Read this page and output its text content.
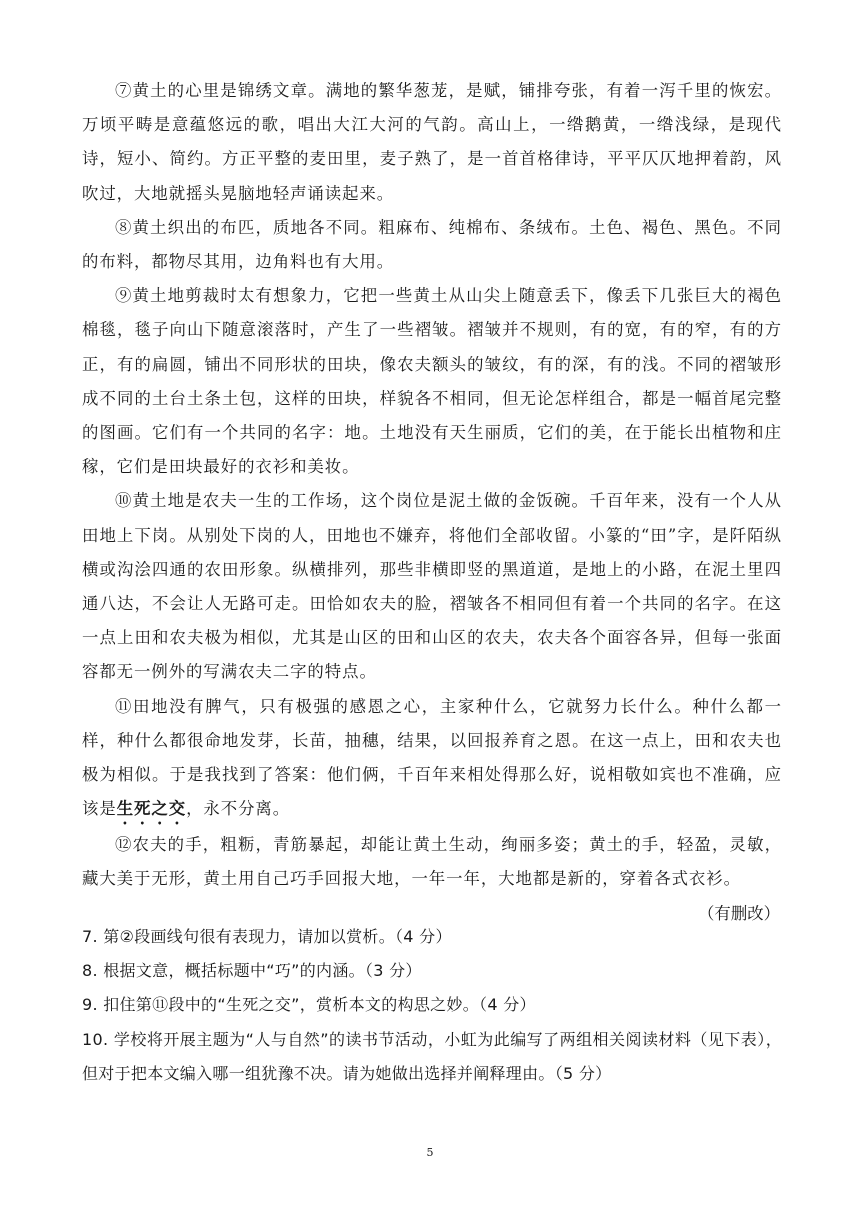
⑦黄土的心里是锦绣文章。满地的繁华葱茏，是赋，铺排夸张，有着一泻千里的恢宏。万顷平畴是意蕴悠远的歌，唱出大江大河的气韵。高山上，一绺鹅黄，一绺浅绿，是现代诗，短小、简约。方正平整的麦田里，麦子熟了，是一首首格律诗，平平仄仄地押着韵，风吹过，大地就摇头晃脑地轻声诵读起来。

⑧黄土织出的布匹，质地各不同。粗麻布、纯棉布、条绒布。土色、褐色、黑色。不同的布料，都物尽其用，边角料也有大用。

⑨黄土地剪裁时太有想象力，它把一些黄土从山尖上随意丢下，像丢下几张巨大的褐色棉毯，毯子向山下随意滚落时，产生了一些褶皱。褶皱并不规则，有的宽，有的窄，有的方正，有的扁圆，铺出不同形状的田块，像农夫额头的皱纹，有的深，有的浅。不同的褶皱形成不同的土台土条土包，这样的田块，样貌各不相同，但无论怎样组合，都是一幅首尾完整的图画。它们有一个共同的名字：地。土地没有天生丽质，它们的美，在于能长出植物和庄稼，它们是田块最好的衣衫和美妆。

⑩黄土地是农夫一生的工作场，这个岗位是泥土做的金饭碗。千百年来，没有一个人从田地上下岗。从别处下岗的人，田地也不嫌弃，将他们全部收留。小篆的“田”字，是阡陌纵横或沟浍四通的农田形象。纵横排列，那些非横即竖的黑道道，是地上的小路，在泥土里四通八达，不会让人无路可走。田恰如农夫的脸，褶皱各不相同但有着一个共同的名字。在这一点上田和农夫极为相似，尤其是山区的田和山区的农夫，农夫各个面容各异，但每一张面容都无一例外的写满农夫二字的特点。

⑪田地没有脾气，只有极强的感恩之心，主家种什么，它就努力长什么。种什么都一样，种什么都很命地发芽，长苗，抽穗，结果，以回报养育之恩。在这一点上，田和农夫也极为相似。于是我找到了答案：他们俩，千百年来相处得那么好，说相敬如宾也不准确，应该是生死之交，永不分离。

⑫农夫的手，粗粝，青筋暴起，却能让黄土生动，绚丽多姿；黄土的手，轻盈，灵敏，藏大美于无形，黄土用自己巧手回报大地，一年一年，大地都是新的，穿着各式衣衫。

（有删改）

7. 第②段画线句很有表现力，请加以赏析。（4 分）

8. 根据文意，概括标题中“巧”的内涵。（3 分）

9. 扣住第⑪段中的“生死之交”，赏析本文的构思之妙。（4 分）

10. 学校将开展主题为“人与自然”的读书节活动，小虹为此编写了两组相关阅读材料（见下表），但对于把本文编入哪一组犹豫不决。请为她做出选择并阐释理由。（5 分）

5
